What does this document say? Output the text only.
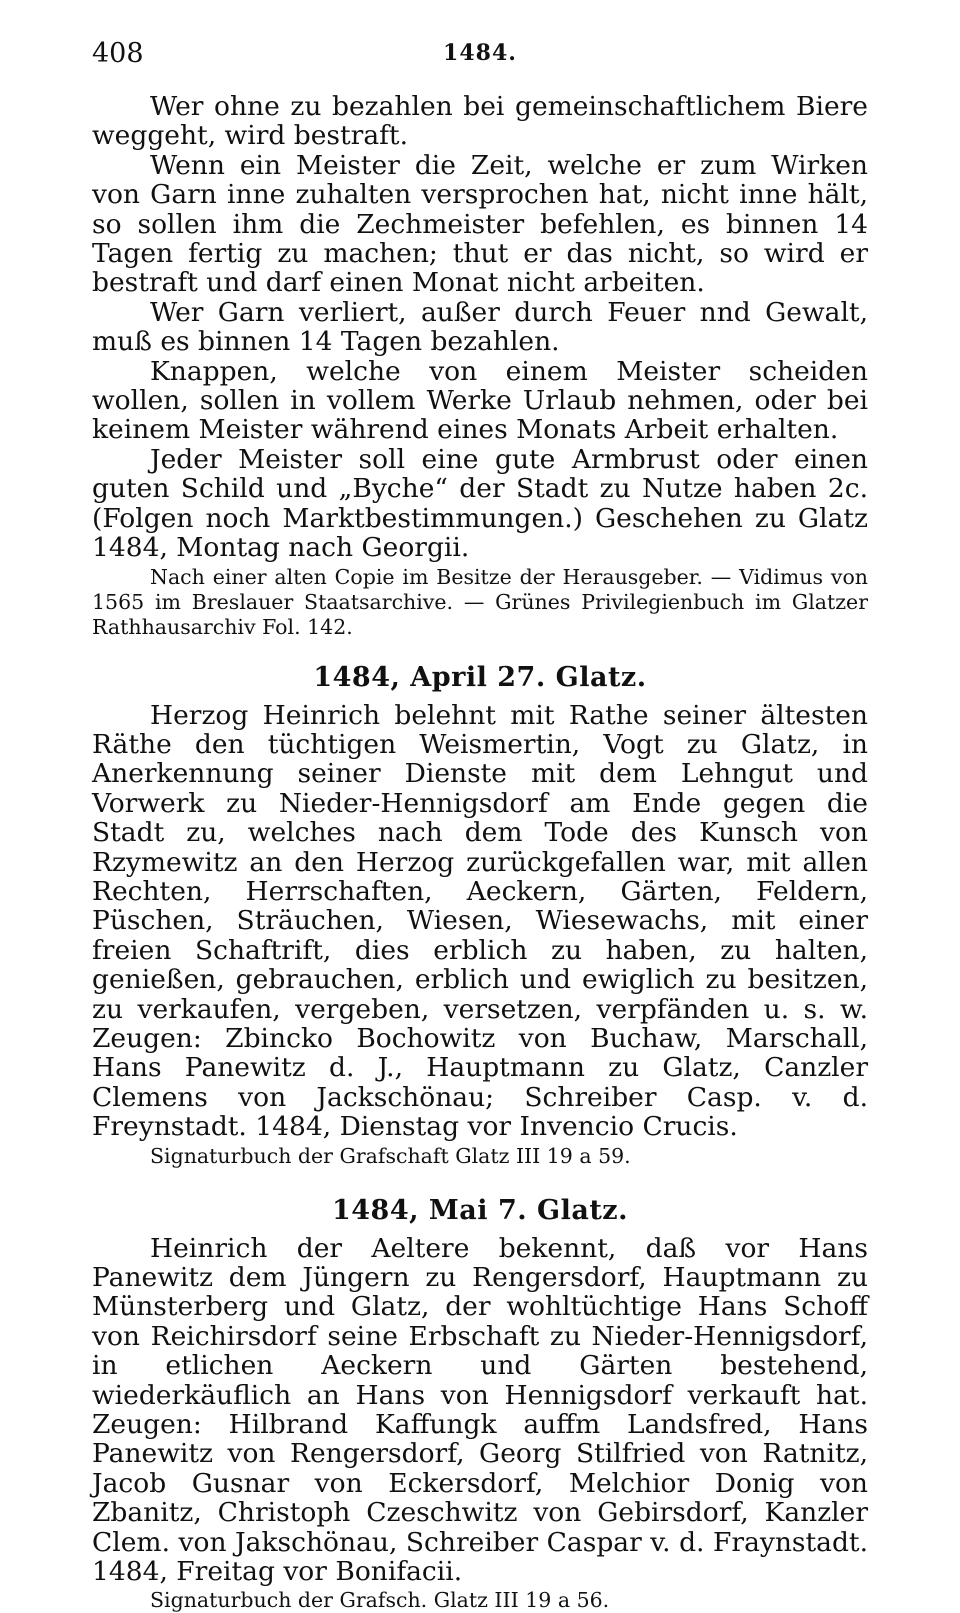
408	1484.

Wer ohne zu bezahlen bei gemeinschaftlichem Biere weggeht, wird bestraft.

Wenn ein Meister die Zeit, welche er zum Wirken von Garn inne zuhalten versprochen hat, nicht inne hält, so sollen ihm die Zechmeister befehlen, es binnen 14 Tagen fertig zu machen; thut er das nicht, so wird er bestraft und darf einen Monat nicht arbeiten.

Wer Garn verliert, außer durch Feuer nnd Gewalt, muß es binnen 14 Tagen bezahlen.

Knappen, welche von einem Meister scheiden wollen, sollen in vollem Werke Urlaub nehmen, oder bei keinem Meister während eines Monats Arbeit erhalten.

Jeder Meister soll eine gute Armbrust oder einen guten Schild und „Byche“ der Stadt zu Nutze haben 2c. (Folgen noch Marktbestimmungen.) Geschehen zu Glatz 1484, Montag nach Georgii.

Nach einer alten Copie im Besitze der Herausgeber. — Vidimus von 1565 im Breslauer Staatsarchive. — Grünes Privilegienbuch im Glatzer Rathhausarchiv Fol. 142.

1484, April 27. Glatz.

Herzog Heinrich belehnt mit Rathe seiner ältesten Räthe den tüchtigen Weismertin, Vogt zu Glatz, in Anerkennung seiner Dienste mit dem Lehngut und Vorwerk zu Nieder-Hennigsdorf am Ende gegen die Stadt zu, welches nach dem Tode des Kunsch von Rzymewitz an den Herzog zurückgefallen war, mit allen Rechten, Herrschaften, Aeckern, Gärten, Feldern, Püschen, Sträuchen, Wiesen, Wiesewachs, mit einer freien Schaftrift, dies erblich zu haben, zu halten, genießen, gebrauchen, erblich und ewiglich zu besitzen, zu verkaufen, vergeben, versetzen, verpfänden u. s. w. Zeugen: Zbincko Bochowitz von Buchaw, Marschall, Hans Panewitz d. J., Hauptmann zu Glatz, Canzler Clemens von Jackschönau; Schreiber Casp. v. d. Freynstadt. 1484, Dienstag vor Invencio Crucis.

Signaturbuch der Grafschaft Glatz III 19 a 59.

1484, Mai 7. Glatz.

Heinrich der Aeltere bekennt, daß vor Hans Panewitz dem Jüngern zu Rengersdorf, Hauptmann zu Münsterberg und Glatz, der wohltüchtige Hans Schoff von Reichirsdorf seine Erbschaft zu Nieder-Hennigsdorf, in etlichen Aeckern und Gärten bestehend, wiederkäuflich an Hans von Hennigsdorf verkauft hat. Zeugen: Hilbrand Kaffungk auffm Landsfred, Hans Panewitz von Rengersdorf, Georg Stilfried von Ratnitz, Jacob Gusnar von Eckersdorf, Melchior Donig von Zbanitz, Christoph Czeschwitz von Gebirsdorf, Kanzler Clem. von Jakschönau, Schreiber Caspar v. d. Fraynstadt. 1484, Freitag vor Bonifacii.

Signaturbuch der Grafsch. Glatz III 19 a 56.
